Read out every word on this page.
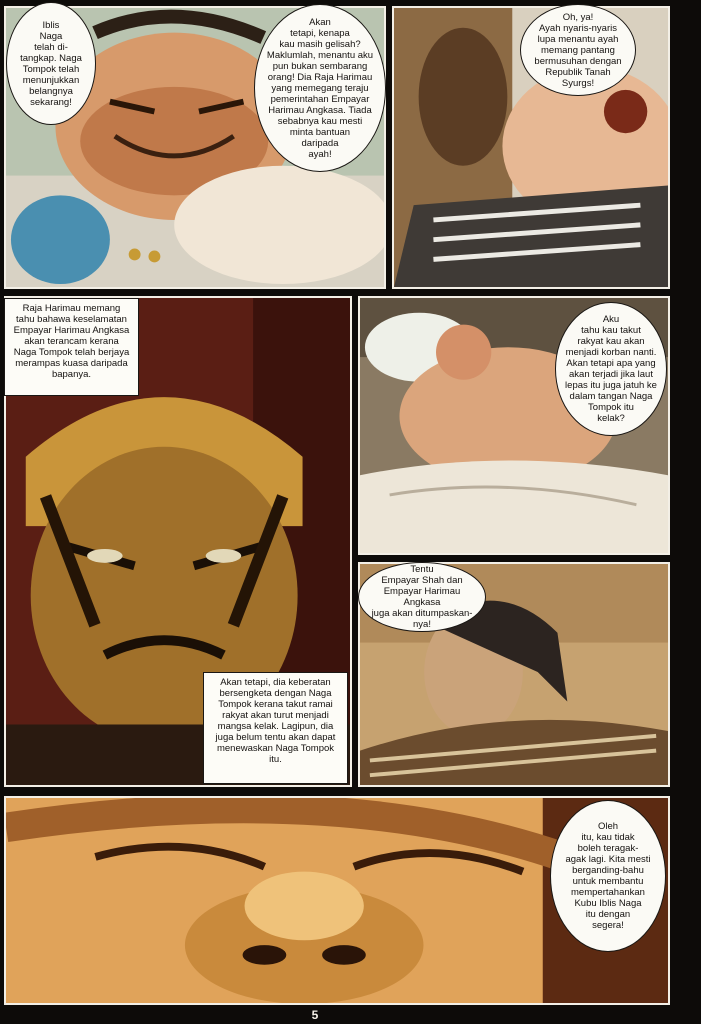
Iblis
Naga
telah di-
tangkap. Naga
Tompok telah
menunjukkan
belangnya
sekarang!
Akan
tetapi, kenapa
kau masih gelisah?
Maklumlah, menantu aku
pun bukan sembarang
orang! Dia Raja Harimau
yang memegang teraju
pemerintahan Empayar
Harimau Angkasa. Tiada
sebabnya kau mesti
minta bantuan
daripada
ayah!
Oh, ya!
Ayah nyaris-nyaris
lupa menantu ayah
memang pantang
bermusuhan dengan
Republik Tanah
Syurgs!
Raja Harimau memang
tahu bahawa keselamatan
Empayar Harimau Angkasa
akan terancam kerana
Naga Tompok telah berjaya
merampas kuasa daripada
bapanya.
Akan tetapi, dia keberatan
bersengketa dengan Naga
Tompok kerana takut ramai
rakyat akan turut menjadi
mangsa kelak. Lagipun, dia
juga belum tentu akan dapat
menewaskan Naga Tompok
itu.
Aku
tahu kau takut
rakyat kau akan
menjadi korban nanti.
Akan tetapi apa yang
akan terjadi jika laut
lepas itu juga jatuh ke
dalam tangan Naga
Tompok itu
kelak?
Tentu
Empayar Shah dan
Empayar Harimau Angkasa
juga akan ditumpaskan-
nya!
Oleh
itu, kau tidak
boleh teragak-
agak lagi. Kita mesti
berganding-bahu
untuk membantu
mempertahankan
Kubu Iblis Naga
itu dengan
segera!
5
